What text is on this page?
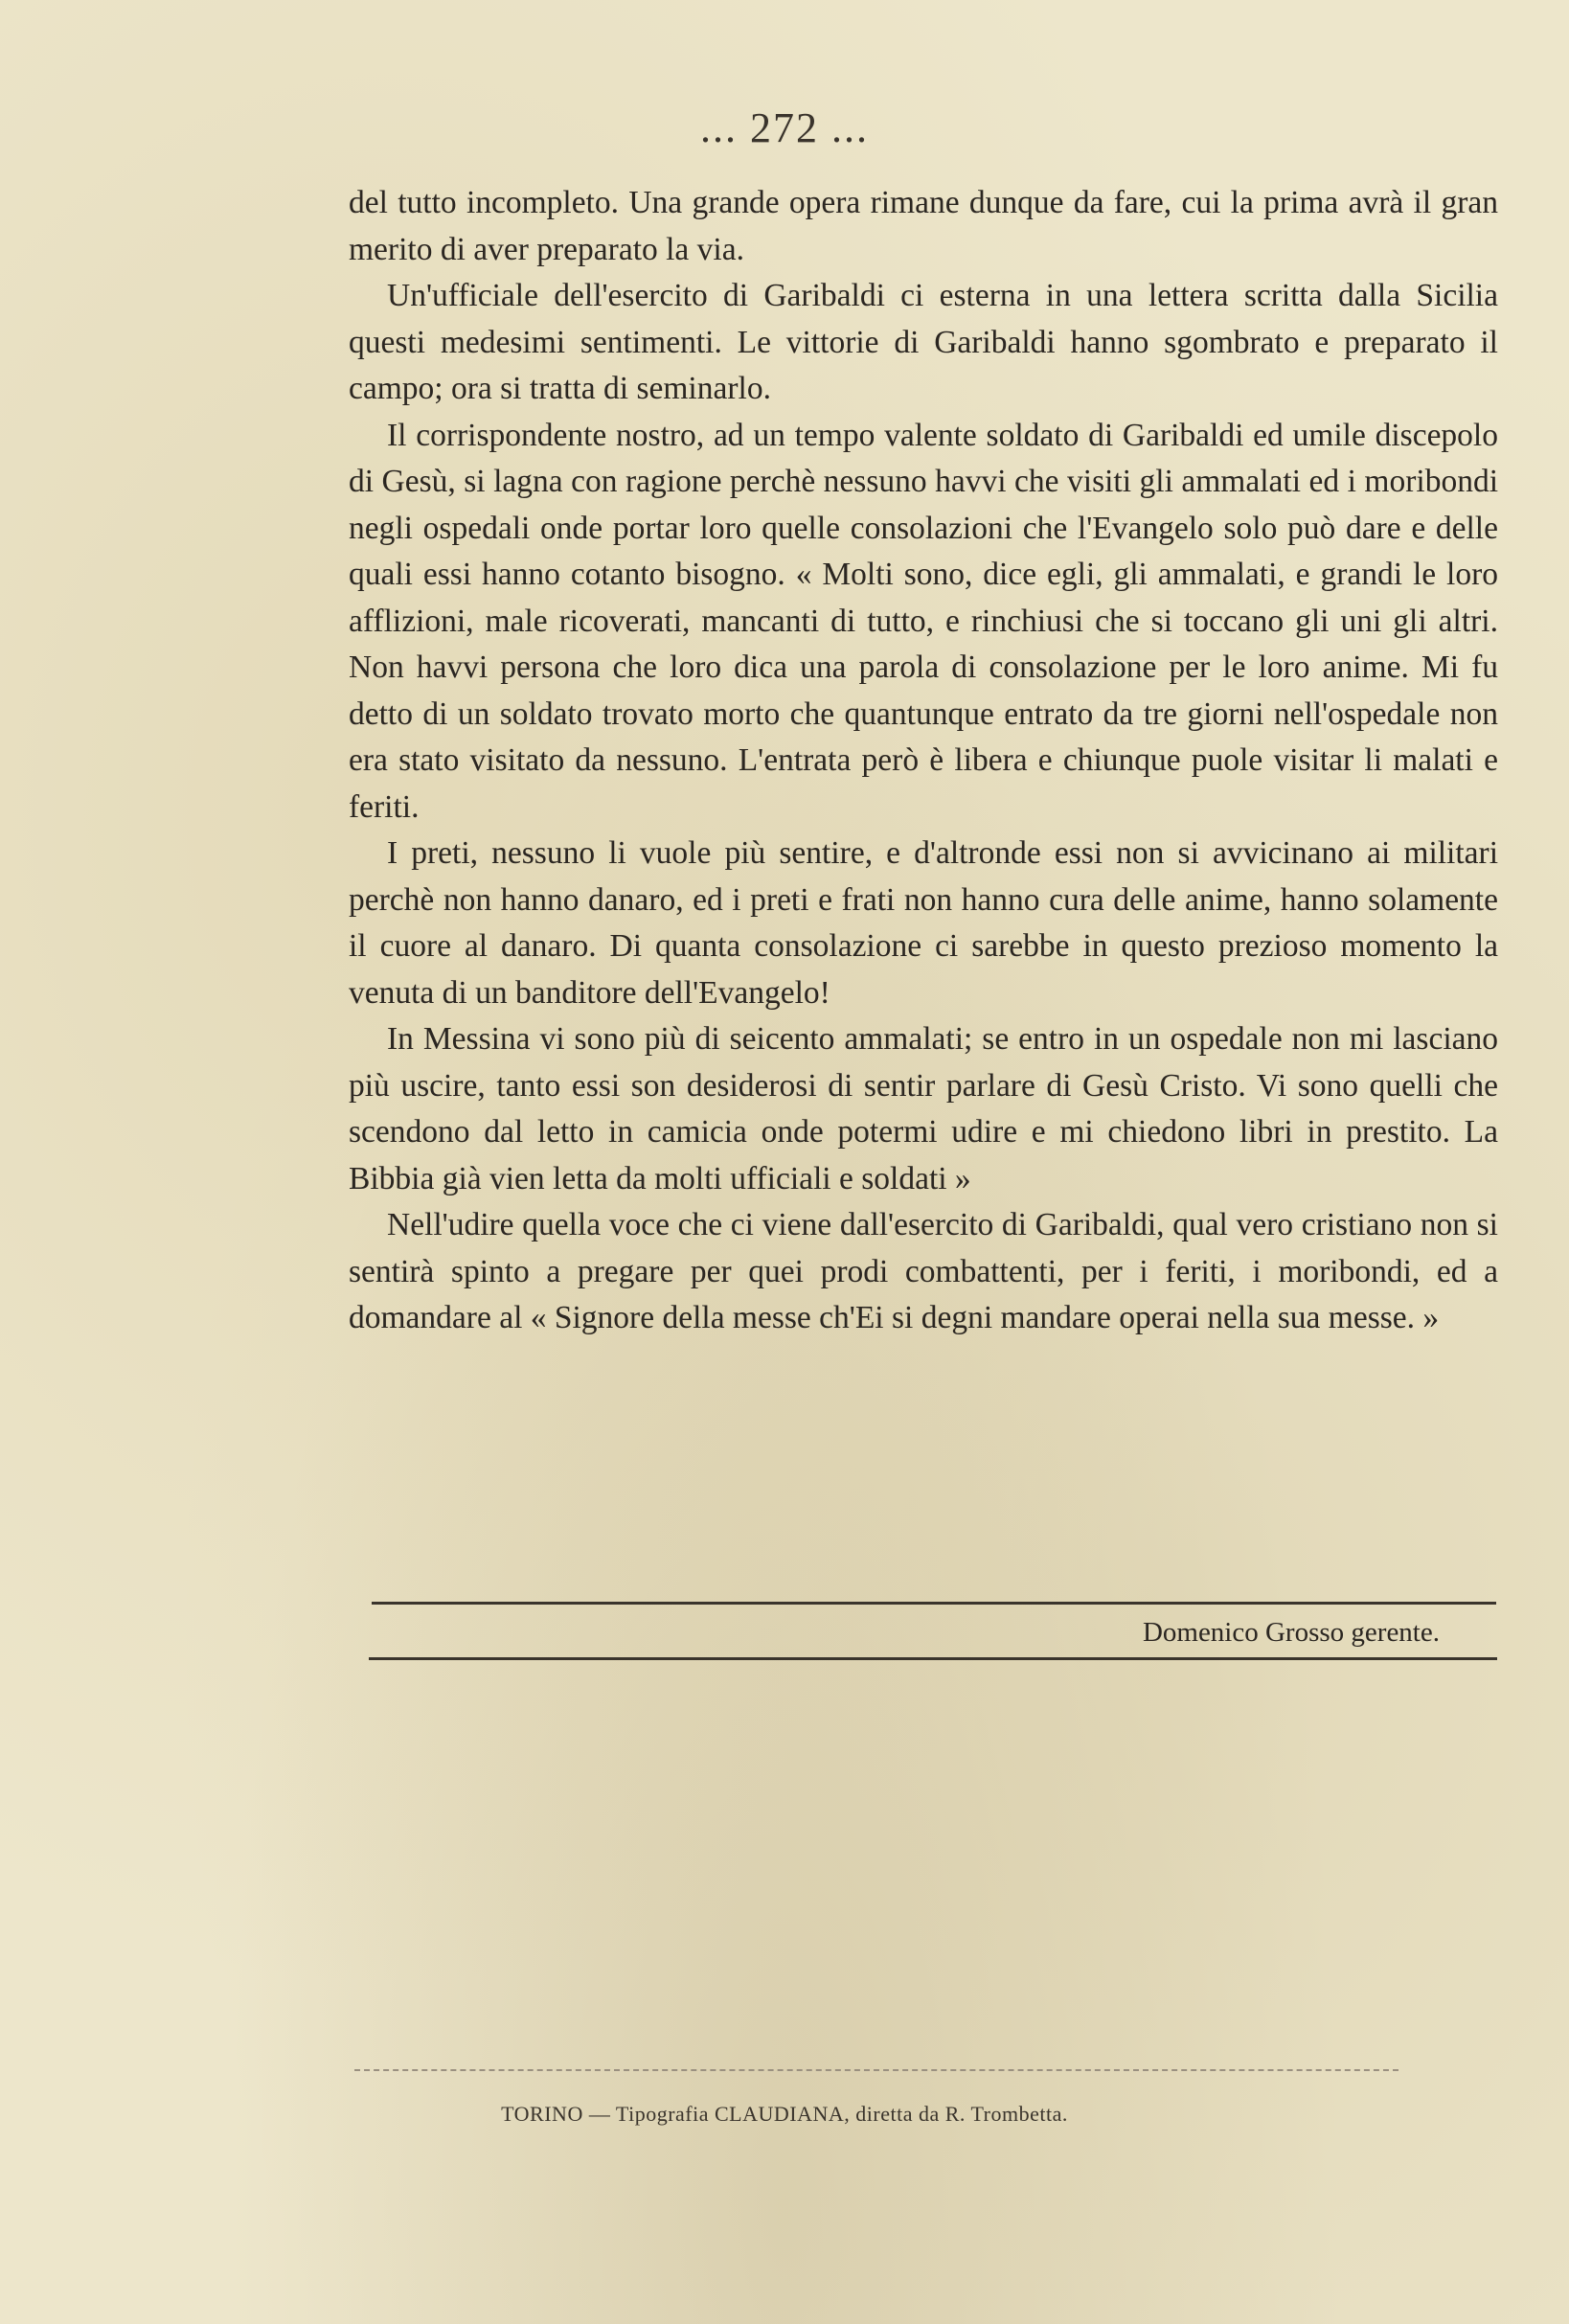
... 272 ...

del tutto incompleto. Una grande opera rimane dunque da fare, cui la prima avrà il gran merito di aver preparato la via.

Un'ufficiale dell'esercito di Garibaldi ci esterna in una lettera scritta dalla Sicilia questi medesimi sentimenti. Le vittorie di Garibaldi hanno sgombrato e preparato il campo; ora si tratta di seminarlo.

Il corrispondente nostro, ad un tempo valente soldato di Garibaldi ed umile discepolo di Gesù, si lagna con ragione perchè nessuno havvi che visiti gli ammalati ed i moribondi negli ospedali onde portar loro quelle consolazioni che l'Evangelo solo può dare e delle quali essi hanno cotanto bisogno. « Molti sono, dice egli, gli ammalati, e grandi le loro afflizioni, male ricoverati, mancanti di tutto, e rinchiusi che si toccano gli uni gli altri. Non havvi persona che loro dica una parola di consolazione per le loro anime. Mi fu detto di un soldato trovato morto che quantunque entrato da tre giorni nell'ospedale non era stato visitato da nessuno. L'entrata però è libera e chiunque puole visitar li malati e feriti.

I preti, nessuno li vuole più sentire, e d'altronde essi non si avvicinano ai militari perchè non hanno danaro, ed i preti e frati non hanno cura delle anime, hanno solamente il cuore al danaro. Di quanta consolazione ci sarebbe in questo prezioso momento la venuta di un banditore dell'Evangelo!

In Messina vi sono più di seicento ammalati; se entro in un ospedale non mi lasciano più uscire, tanto essi son desiderosi di sentir parlare di Gesù Cristo. Vi sono quelli che scendono dal letto in camicia onde potermi udire e mi chiedono libri in prestito. La Bibbia già vien letta da molti ufficiali e soldati »

Nell'udire quella voce che ci viene dall'esercito di Garibaldi, qual vero cristiano non si sentirà spinto a pregare per quei prodi combattenti, per i feriti, i moribondi, ed a domandare al « Signore della messe ch'Ei si degni mandare operai nella sua messe. »

Domenico Grosso gerente.
TORINO — Tipografia CLAUDIANA, diretta da R. Trombetta.
